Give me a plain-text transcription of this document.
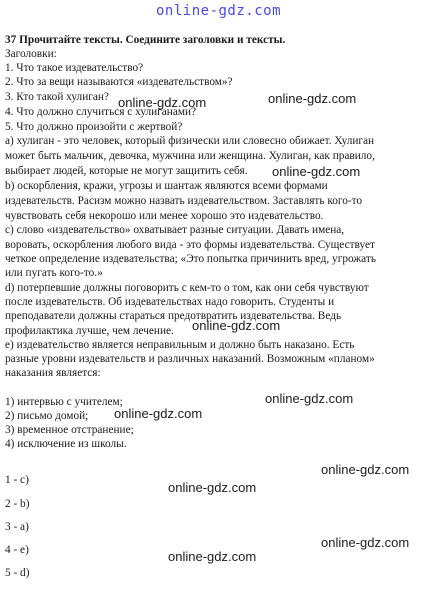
online-gdz.com
37 Прочитайте тексты. Соедините заголовки и тексты.
Заголовки:
1. Что такое издевательство?
2. Что за вещи называются «издевательством»?
3. Кто такой хулиган?
4. Что должно случиться с хулиганами?
5. Что должно произойти с жертвой?
а) хулиган - это человек, который физически или словесно обижает. Хулиган
может быть мальчик, девочка, мужчина или женщина. Хулиган, как правило,
выбирает людей, которые не могут защитить себя.
b) оскорбления, кражи, угрозы и шантаж являются всеми формами
издевательств. Расизм можно назвать издевательством. Заставлять кого-то
чувствовать себя некорошо или менее хорошо это издевательство.
с) слово «издевательство» охватывает разные ситуации. Давать имена,
воровать, оскорбления любого вида - это формы издевательства. Существует
четкое определение издевательства; «Это попытка причинить вред, угрожать
или пугать кого-то.»
d) потерпевшие должны поговорить с кем-то о том, как они себя чувствуют
после издевательств. Об издевательствах надо говорить. Студенты и
преподаватели должны стараться предотвратить издевательства. Ведь
профилактика лучше, чем лечение.
е) издевательство является неправильным и должно быть наказано. Есть
разные уровни издевательств и различных наказаний. Возможным «планом»
наказания является:
1) интервью с учителем;
2) письмо домой;
3) временное отстранение;
4) исключение из школы.
1 - c)
2 - b)
3 - a)
4 - e)
5 - d)
online-gdz.com	online-gdz.com
online-gdz.com
online-gdz.com
online-gdz.com
online-gdz.com
online-gdz.com
online-gdz.com
online-gdz.com
online-gdz.com
